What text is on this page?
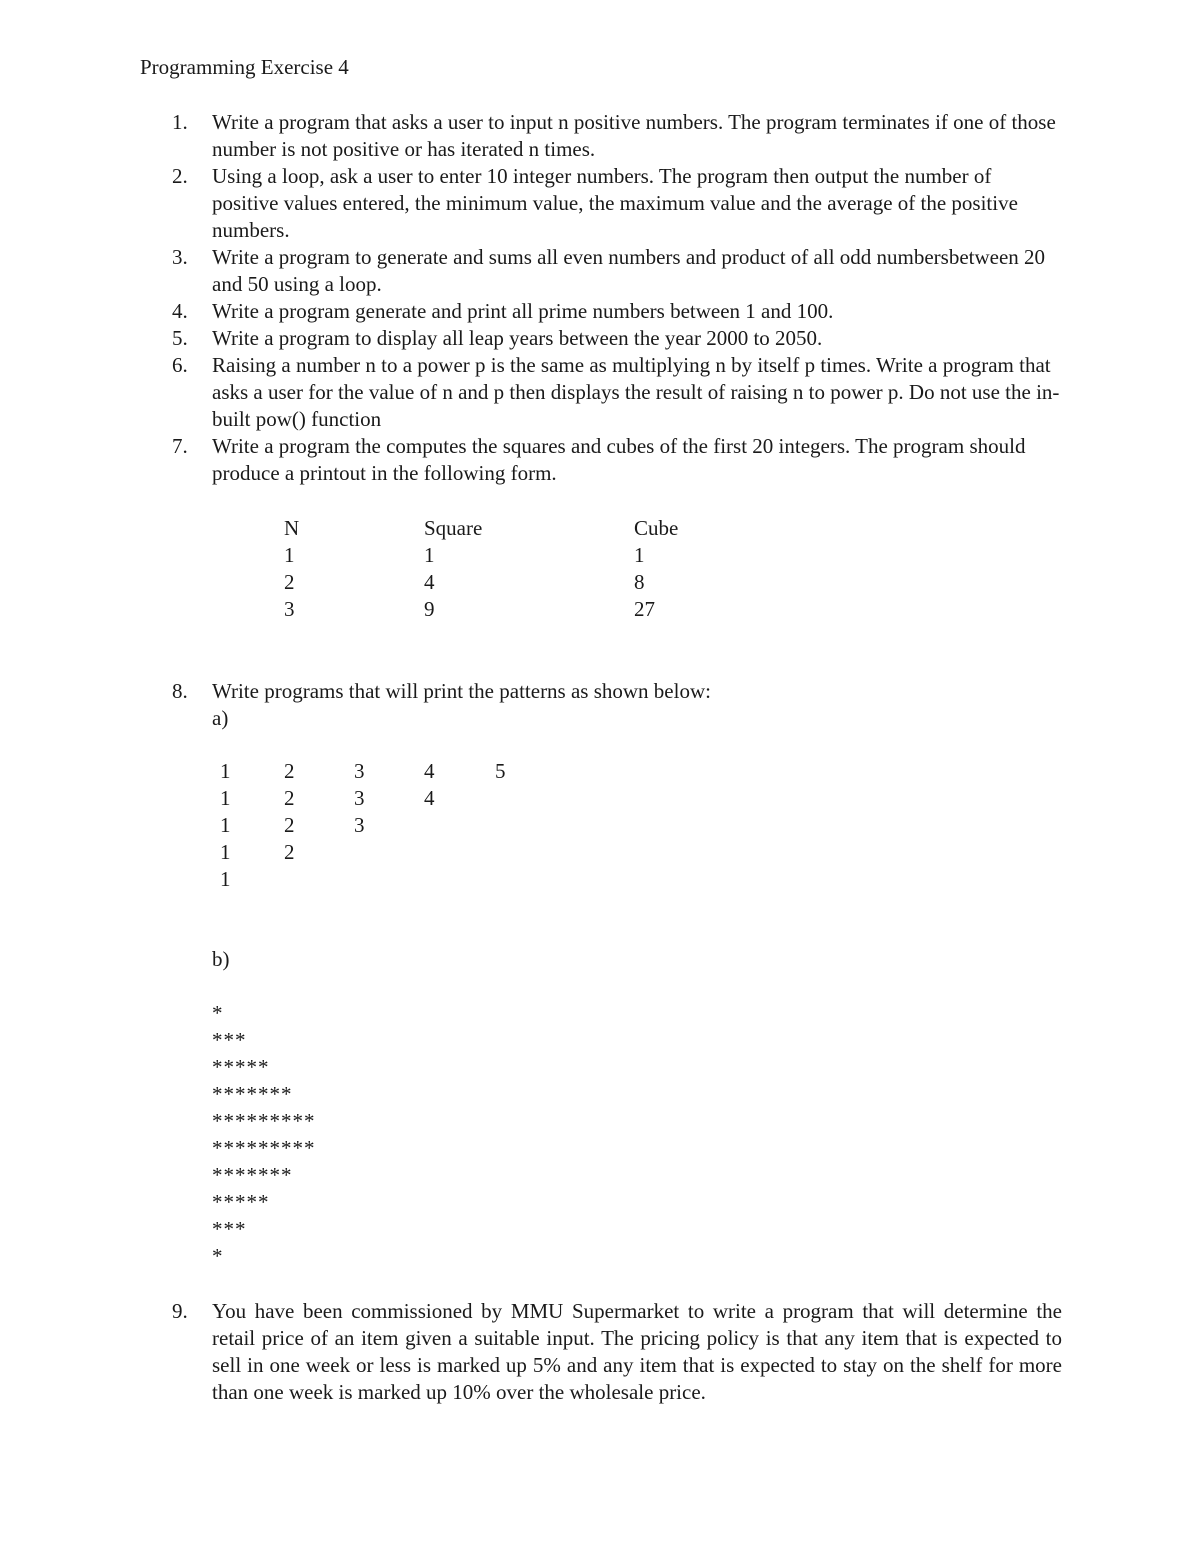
Programming Exercise 4
1. Write a program that asks a user to input n positive numbers. The program terminates if one of those number is not positive or has iterated n times.
2. Using a loop, ask a user to enter 10 integer numbers. The program then output the number of positive values entered, the minimum value, the maximum value and the average of the positive numbers.
3. Write a program to generate and sums all even numbers and product of all odd numbersbetween 20 and 50 using a loop.
4. Write a program generate and print all prime numbers between 1 and 100.
5. Write a program to display all leap years between the year 2000 to 2050.
6. Raising a number n to a power p is the same as multiplying n by itself p times. Write a program that asks a user for the value of n and p then displays the result of raising n to power p. Do not use the in-built pow() function
7. Write a program the computes the squares and cubes of the first 20 integers. The program should produce a printout in the following form.
N	Square	Cube
1	1	1
2	4	8
3	9	27
8. Write programs that will print the patterns as shown below:
a)
1	2	3	4	5
1	2	3	4
1	2	3
1	2
1
b)
*
***
*****
*******
*********
*********
*******
*****
***
*
9. You have been commissioned by MMU Supermarket to write a program that will determine the retail price of an item given a suitable input. The pricing policy is that any item that is expected to sell in one week or less is marked up 5% and any item that is expected to stay on the shelf for more than one week is marked up 10% over the wholesale price.
